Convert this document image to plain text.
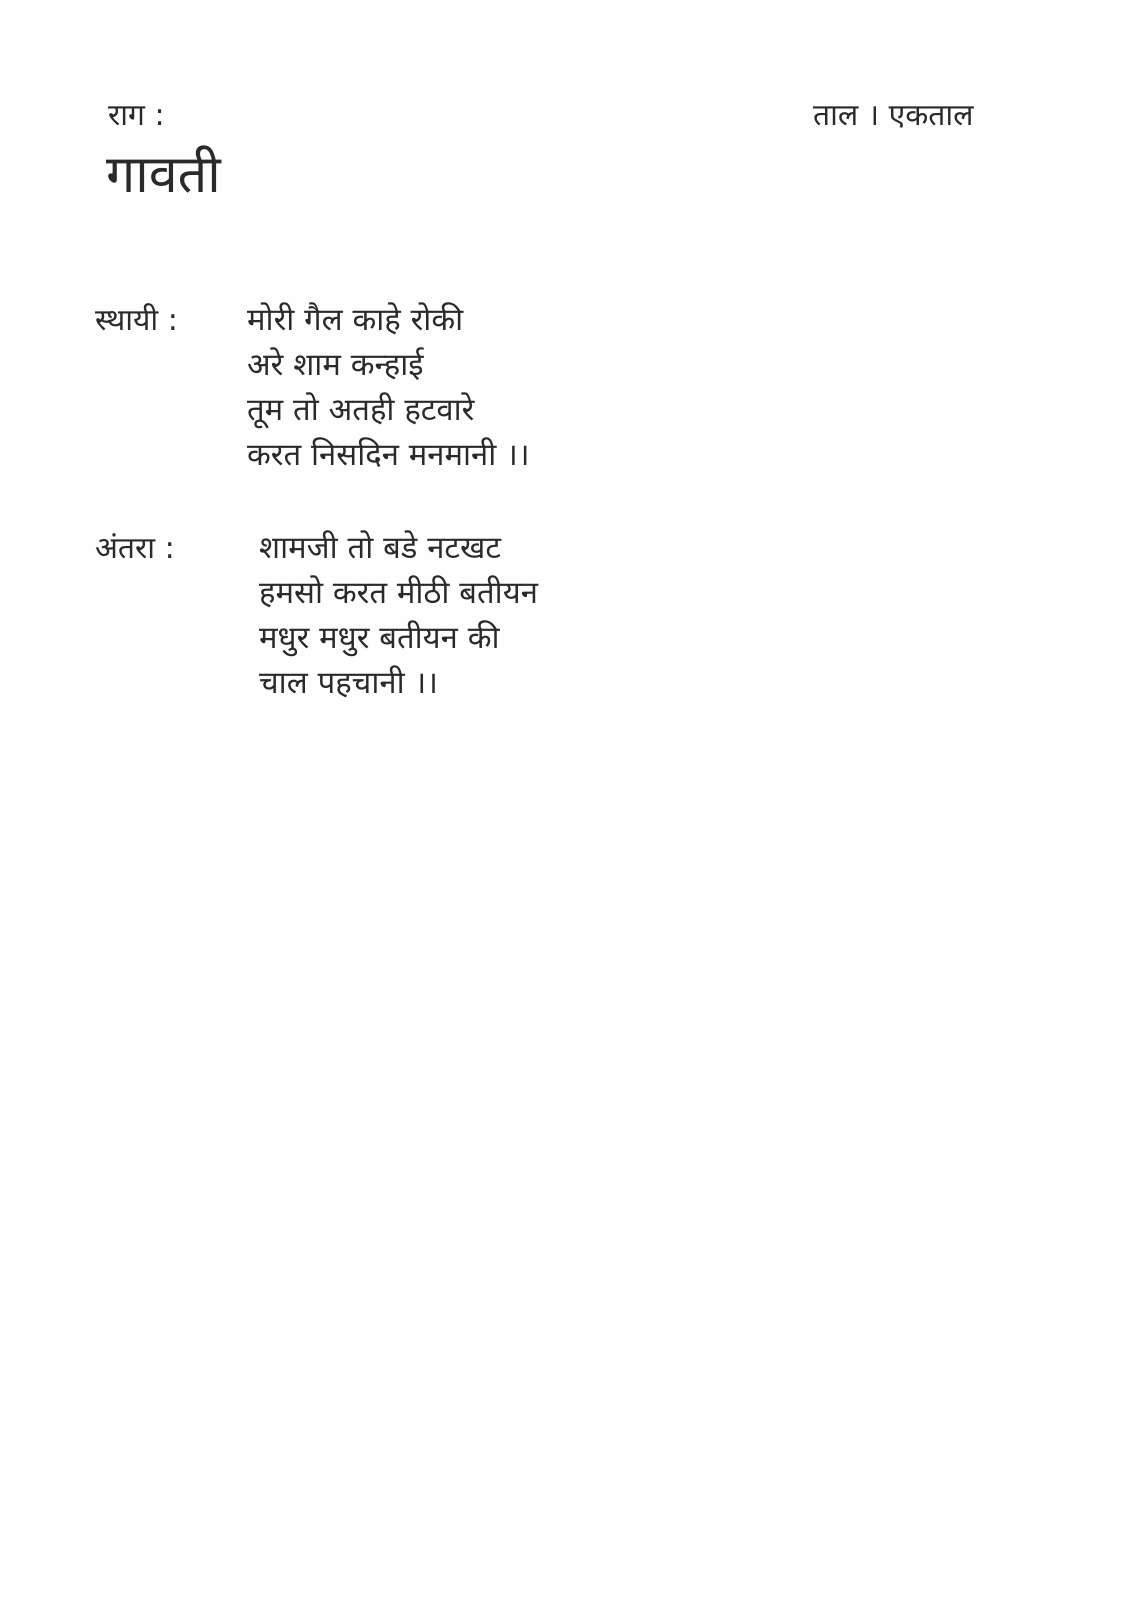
राग :
गावती
ताल । एकताल
स्थायी : मोरी गैल काहे रोकी
अरे शाम कन्हाई
तूम तो अतही हटवारे
करत निसदिन मनमानी ।।
अंतरा :	शामजी तो बडे नटखट
हमसो करत मीठी बतीयन
मधुर मधुर बतीयन की
चाल पहचानी ।।
